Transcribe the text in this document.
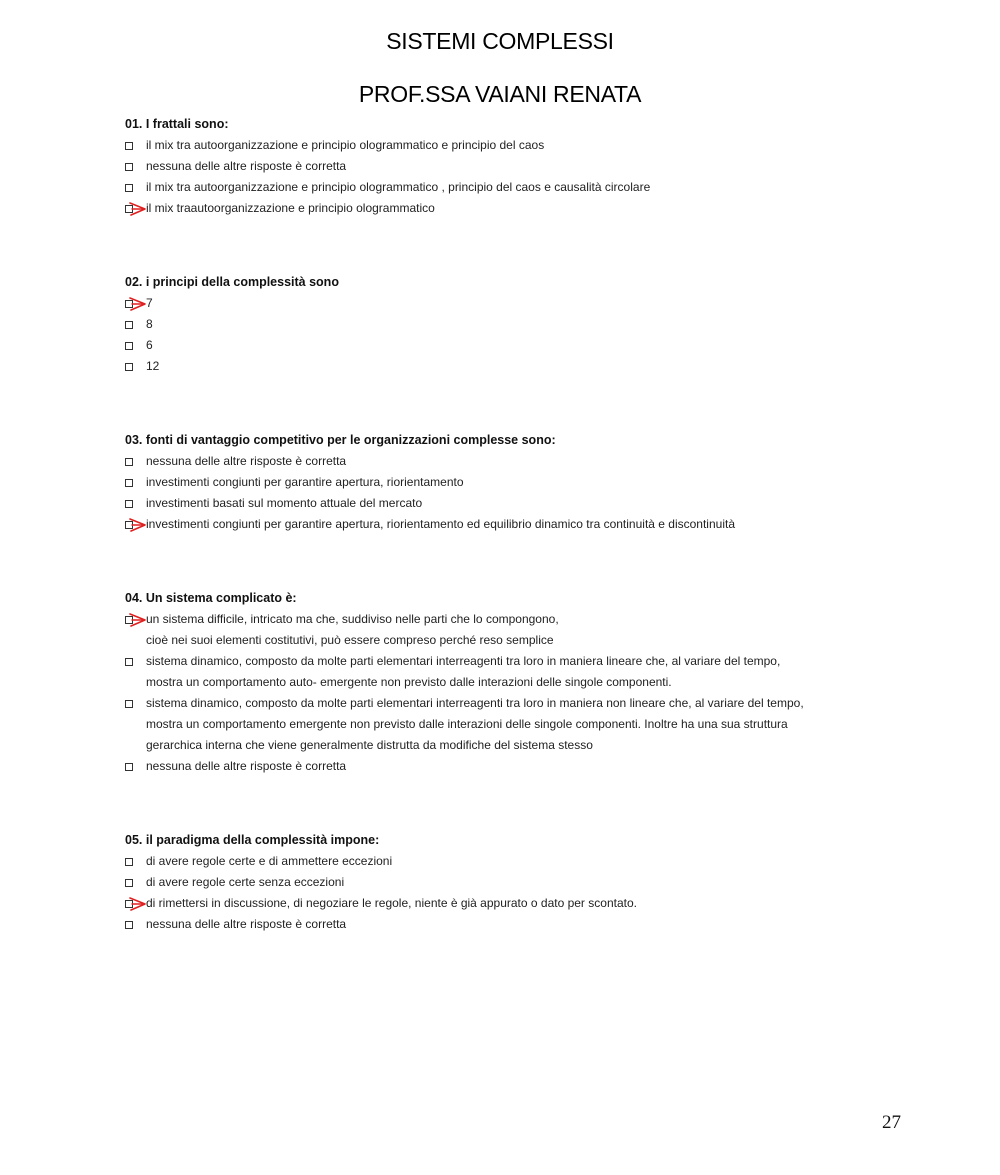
SISTEMI COMPLESSI
PROF.SSA VAIANI RENATA
01. I frattali sono:
il mix tra autoorganizzazione e principio ologrammatico e principio del caos
nessuna delle altre risposte è corretta
il mix tra autoorganizzazione e principio ologrammatico , principio del caos e causalità circolare
il mix traautoorganizzazione e principio ologrammatico
02. i principi della complessità sono
7
8
6
12
03. fonti di vantaggio competitivo per le organizzazioni complesse sono:
nessuna delle altre risposte è corretta
investimenti congiunti per garantire apertura, riorientamento
investimenti basati sul momento attuale del mercato
investimenti congiunti per garantire apertura, riorientamento ed equilibrio dinamico tra continuità e discontinuità
04. Un sistema complicato è:
un sistema difficile, intricato ma che, suddiviso nelle parti che lo compongono,
cioè nei suoi elementi costitutivi, può essere compreso perché reso semplice
sistema dinamico, composto da molte parti elementari interreagenti tra loro in maniera lineare che, al variare del tempo,
mostra un comportamento auto- emergente non previsto dalle interazioni delle singole componenti.
sistema dinamico, composto da molte parti elementari interreagenti tra loro in maniera non lineare che, al variare del tempo,
mostra un comportamento emergente non previsto dalle interazioni delle singole componenti. Inoltre ha una sua struttura
gerarchica interna che viene generalmente distrutta da modifiche del sistema stesso
nessuna delle altre risposte è corretta
05. il paradigma della complessità impone:
di avere regole certe e di ammettere eccezioni
di avere regole certe senza eccezioni
di rimettersi in discussione, di negoziare le regole, niente è già appurato o dato per scontato.
nessuna delle altre risposte è corretta
27
